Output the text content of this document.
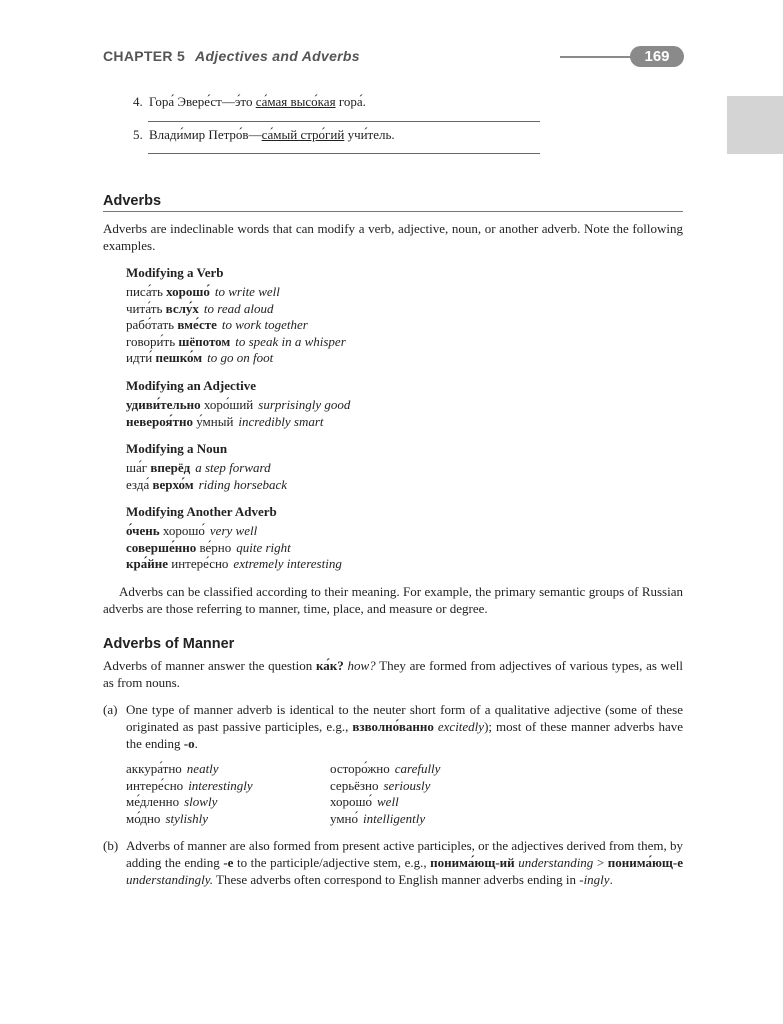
CHAPTER 5 Adjectives and Adverbs	169
4. Гора́ Эвере́ст—э́то са́мая высо́кая гора́.
5. Влади́мир Петро́в—са́мый стро́гий учи́тель.
Adverbs
Adverbs are indeclinable words that can modify a verb, adjective, noun, or another adverb. Note the following examples.
Modifying a Verb
писа́ть хорошо́ to write well
чита́ть вслу́х to read aloud
рабо́тать вме́сте to work together
говори́ть шёпотом to speak in a whisper
идти́ пешко́м to go on foot
Modifying an Adjective
удиви́тельно хоро́ший surprisingly good
невероя́тно у́мный incredibly smart
Modifying a Noun
ша́г вперёд a step forward
езда́ верхо́м riding horseback
Modifying Another Adverb
о́чень хорошо́ very well
соверше́нно ве́рно quite right
кра́йне интере́сно extremely interesting
Adverbs can be classified according to their meaning. For example, the primary semantic groups of Russian adverbs are those referring to manner, time, place, and measure or degree.
Adverbs of Manner
Adverbs of manner answer the question ка́к? how? They are formed from adjectives of various types, as well as from nouns.
(a) One type of manner adverb is identical to the neuter short form of a qualitative adjective (some of these originated as past passive participles, e.g., взволно́ванно excitedly); most of these manner adverbs have the ending -o.
аккура́тно neatly
интере́сно interestingly
ме́дленно slowly
мо́дно stylishly
осторо́жно carefully
серьёзно seriously
хорошо́ well
умно́ intelligently
(b) Adverbs of manner are also formed from present active participles, or the adjectives derived from them, by adding the ending -e to the participle/adjective stem, e.g., понима́ющ-ий understanding > понима́ющ-е understandingly. These adverbs often correspond to English manner adverbs ending in -ingly.
